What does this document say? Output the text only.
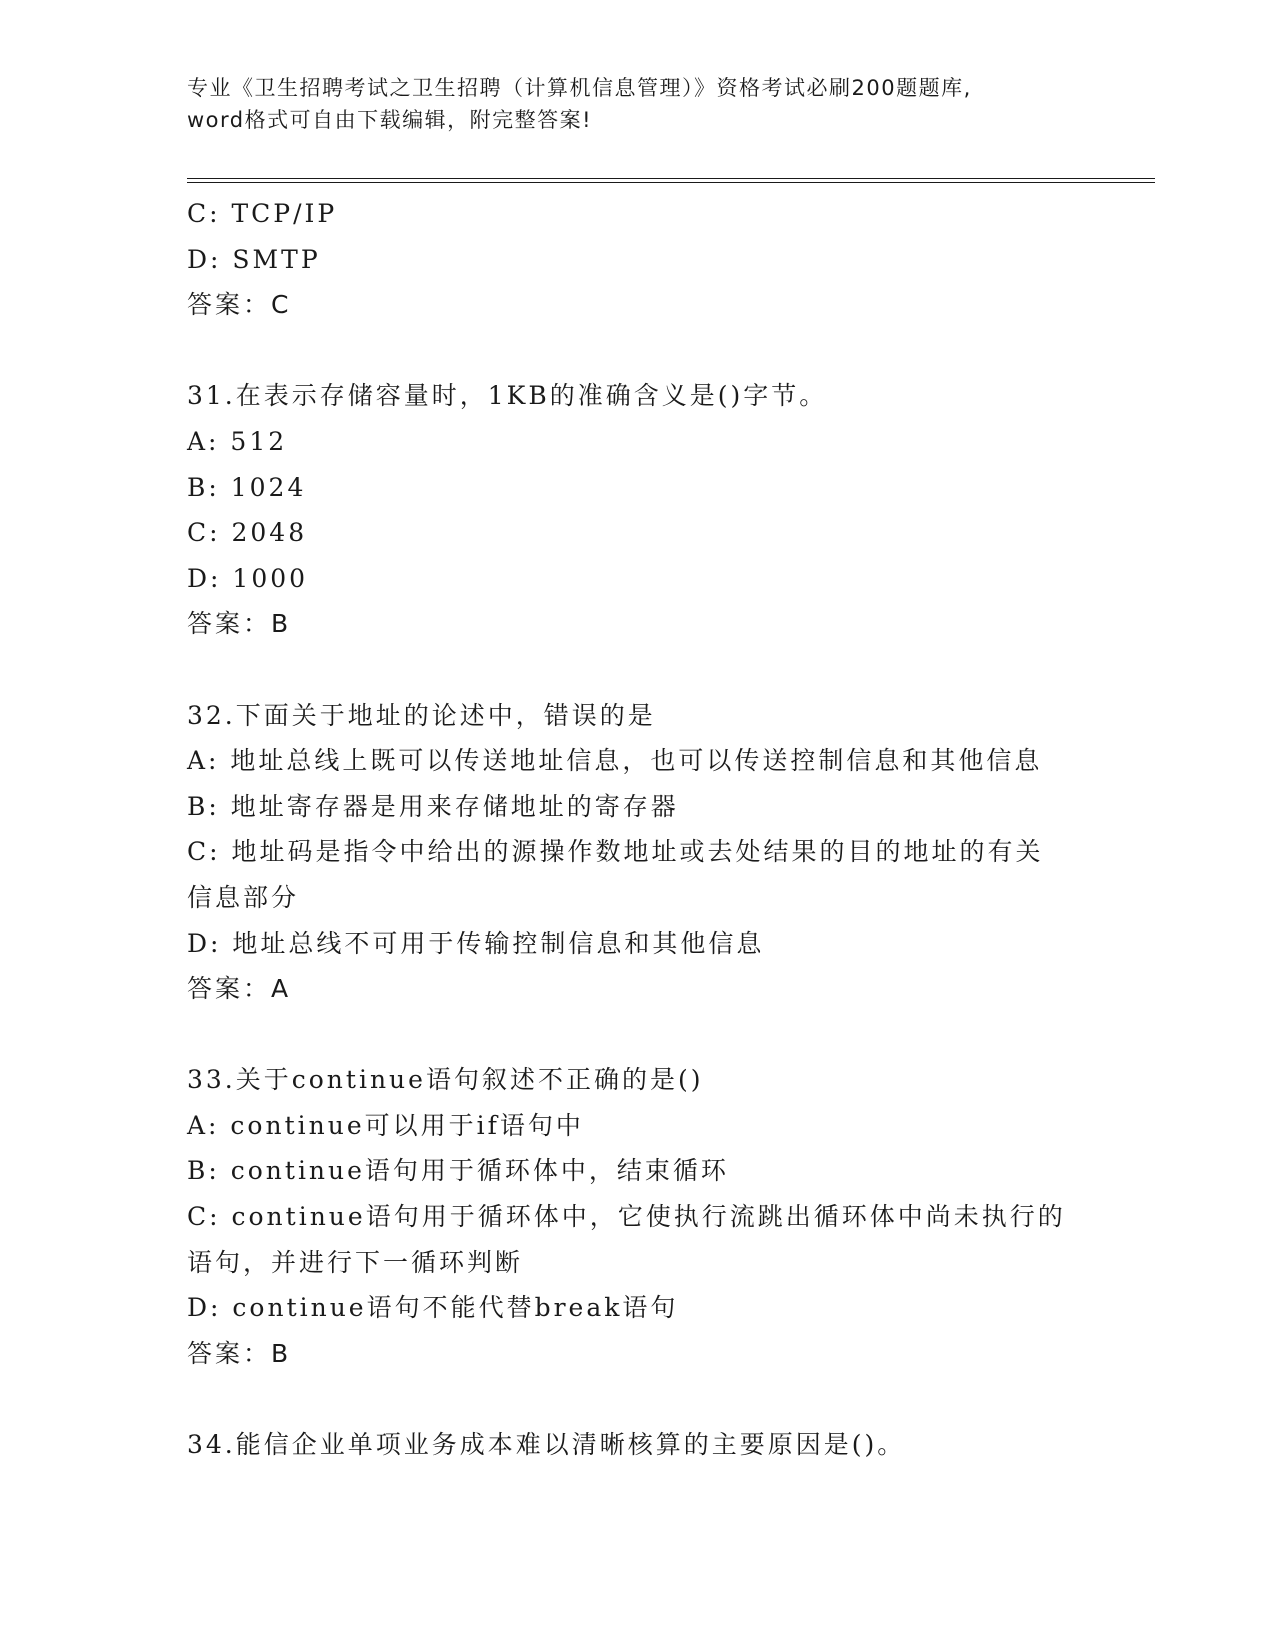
专业《卫生招聘考试之卫生招聘（计算机信息管理）》资格考试必刷200题题库,
word格式可自由下载编辑，附完整答案!
C: TCP/IP
D: SMTP
答案：C
31.在表示存储容量时，1KB的准确含义是()字节。
A: 512
B: 1024
C: 2048
D: 1000
答案：B
32.下面关于地址的论述中，错误的是
A: 地址总线上既可以传送地址信息，也可以传送控制信息和其他信息
B: 地址寄存器是用来存储地址的寄存器
C: 地址码是指令中给出的源操作数地址或去处结果的目的地址的有关
信息部分
D: 地址总线不可用于传输控制信息和其他信息
答案：A
33.关于continue语句叙述不正确的是()
A: continue可以用于if语句中
B: continue语句用于循环体中，结束循环
C: continue语句用于循环体中，它使执行流跳出循环体中尚未执行的
语句，并进行下一循环判断
D: continue语句不能代替break语句
答案：B
34.能信企业单项业务成本难以清晰核算的主要原因是()。
